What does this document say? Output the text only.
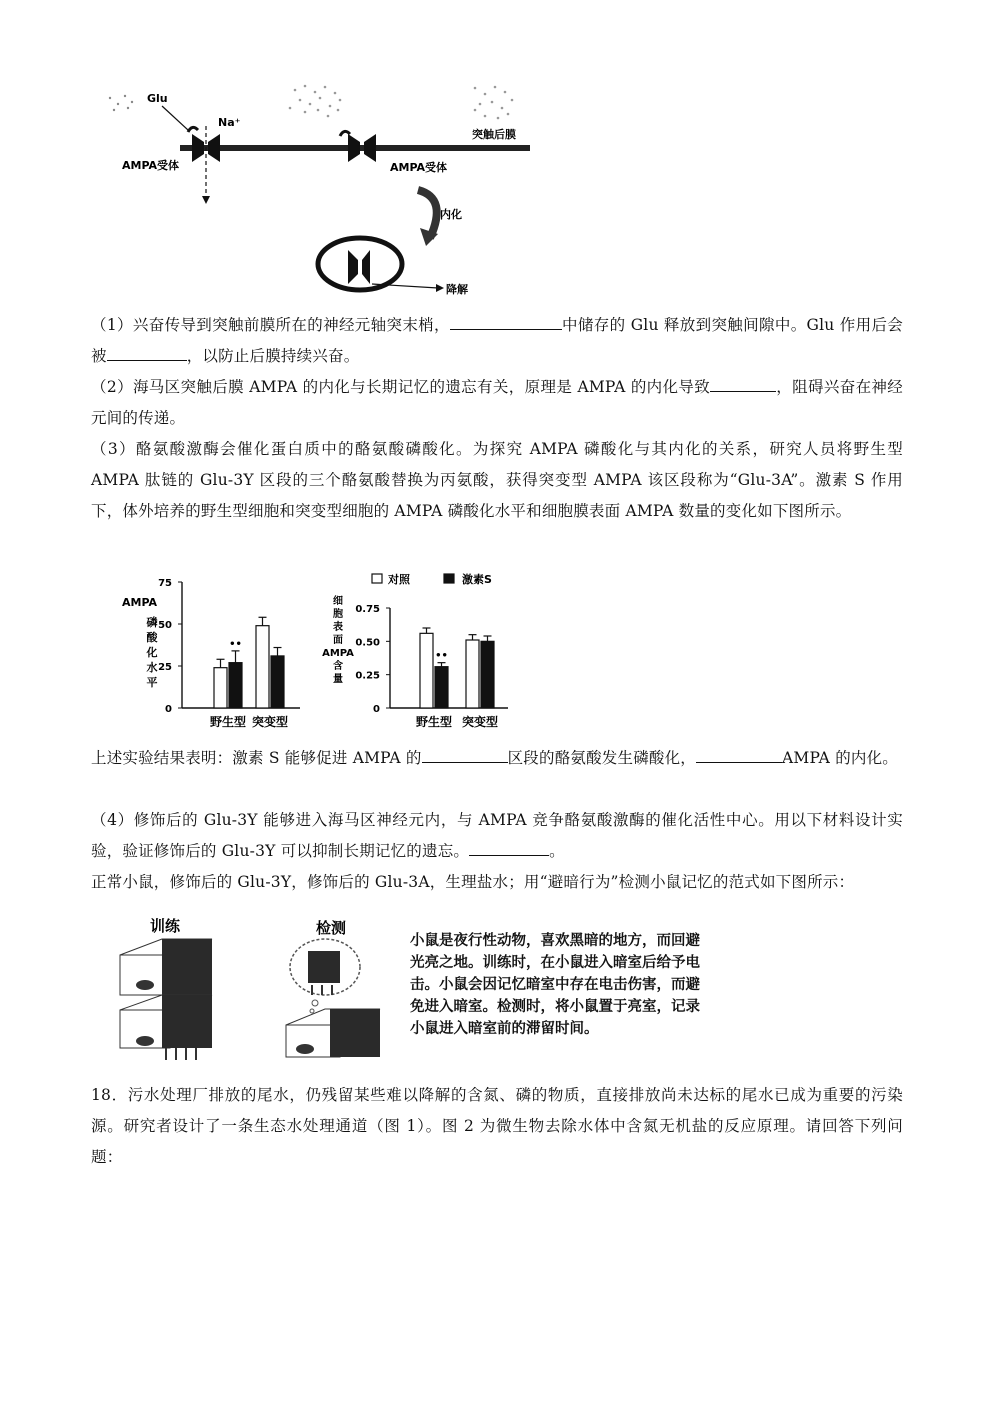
Glu
Na⁺
AMPA受体	AMPA受体
突触后膜
内化
降解
（1）兴奋传导到突触前膜所在的神经元轴突末梢，	中储存的 Glu 释放到突触间隙中。Glu 作用后会被	，以防止后膜持续兴奋。
（2）海马区突触后膜 AMPA 的内化与长期记忆的遗忘有关，原理是 AMPA 的内化导致	，阻碍兴奋在神经元间的传递。
（3）酪氨酸激酶会催化蛋白质中的酪氨酸磷酸化。为探究 AMPA 磷酸化与其内化的关系，研究人员将野生型 AMPA 肽链的 Glu-3Y 区段的三个酪氨酸替换为丙氨酸，获得突变型 AMPA 该区段称为“Glu-3A”。激素 S 作用下，体外培养的野生型细胞和突变型细胞的 AMPA 磷酸化水平和细胞膜表面 AMPA 数量的变化如下图所示。
0
25
50
75
野生型 突变型
••
AMPA
磷
酸
化
水
平
0
0.25
0.50
0.75
野生型 突变型
••
细
胞
表
面
AMPA
含
量
对照	激素S
上述实验结果表明：激素 S 能够促进 AMPA 的	区段的酪氨酸发生磷酸化，	AMPA 的内化。
（4）修饰后的 Glu-3Y 能够进入海马区神经元内，与 AMPA 竞争酪氨酸激酶的催化活性中心。用以下材料设计实验，验证修饰后的 Glu-3Y 可以抑制长期记忆的遗忘。	。
正常小鼠，修饰后的 Glu-3Y，修饰后的 Glu-3A，生理盐水；用“避暗行为”检测小鼠记忆的范式如下图所示：
训练	检测
小鼠是夜行性动物，喜欢黑暗的地方，而回避光亮之地。训练时，在小鼠进入暗室后给予电击。小鼠会因记忆暗室中存在电击伤害，而避免进入暗室。检测时，将小鼠置于亮室，记录小鼠进入暗室前的滞留时间。
18．污水处理厂排放的尾水，仍残留某些难以降解的含氮、磷的物质，直接排放尚未达标的尾水已成为重要的污染源。研究者设计了一条生态水处理通道（图 1）。图 2 为微生物去除水体中含氮无机盐的反应原理。请回答下列问题：
